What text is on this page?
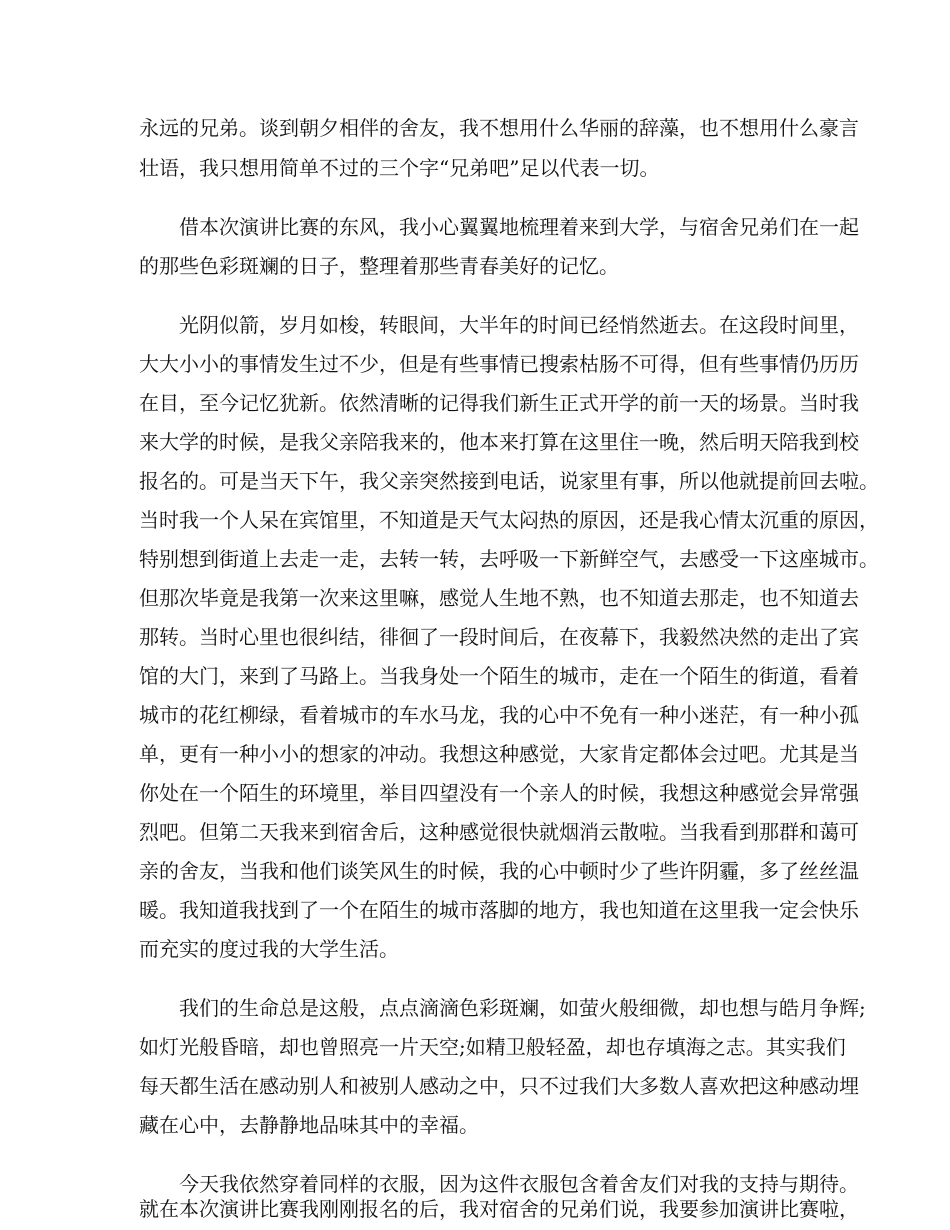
永远的兄弟。谈到朝夕相伴的舍友，我不想用什么华丽的辞藻，也不想用什么豪言

壮语，我只想用简单不过的三个字“兄弟吧”足以代表一切。

借本次演讲比赛的东风，我小心翼翼地梳理着来到大学，与宿舍兄弟们在一起

的那些色彩斑斓的日子，整理着那些青春美好的记忆。

光阴似箭，岁月如梭，转眼间，大半年的时间已经悄然逝去。在这段时间里，

大大小小的事情发生过不少，但是有些事情已搜索枯肠不可得，但有些事情仍历历

在目，至今记忆犹新。依然清晰的记得我们新生正式开学的前一天的场景。当时我

来大学的时候，是我父亲陪我来的，他本来打算在这里住一晚，然后明天陪我到校

报名的。可是当天下午，我父亲突然接到电话，说家里有事，所以他就提前回去啦。

当时我一个人呆在宾馆里，不知道是天气太闷热的原因，还是我心情太沉重的原因，

特别想到街道上去走一走，去转一转，去呼吸一下新鲜空气，去感受一下这座城市。

但那次毕竟是我第一次来这里嘛，感觉人生地不熟，也不知道去那走，也不知道去

那转。当时心里也很纠结，徘徊了一段时间后，在夜幕下，我毅然决然的走出了宾

馆的大门，来到了马路上。当我身处一个陌生的城市，走在一个陌生的街道，看着

城市的花红柳绿，看着城市的车水马龙，我的心中不免有一种小迷茫，有一种小孤

单，更有一种小小的想家的冲动。我想这种感觉，大家肯定都体会过吧。尤其是当

你处在一个陌生的环境里，举目四望没有一个亲人的时候，我想这种感觉会异常强

烈吧。但第二天我来到宿舍后，这种感觉很快就烟消云散啦。当我看到那群和蔼可

亲的舍友，当我和他们谈笑风生的时候，我的心中顿时少了些许阴霾，多了丝丝温

暖。我知道我找到了一个在陌生的城市落脚的地方，我也知道在这里我一定会快乐

而充实的度过我的大学生活。

我们的生命总是这般，点点滴滴色彩斑斓，如萤火般细微，却也想与皓月争辉;

如灯光般昏暗，却也曾照亮一片天空;如精卫般轻盈，却也存填海之志。其实我们

每天都生活在感动别人和被别人感动之中，只不过我们大多数人喜欢把这种感动埋

藏在心中，去静静地品味其中的幸福。

今天我依然穿着同样的衣服，因为这件衣服包含着舍友们对我的支持与期待。

就在本次演讲比赛我刚刚报名的后，我对宿舍的兄弟们说，我要参加演讲比赛啦，
